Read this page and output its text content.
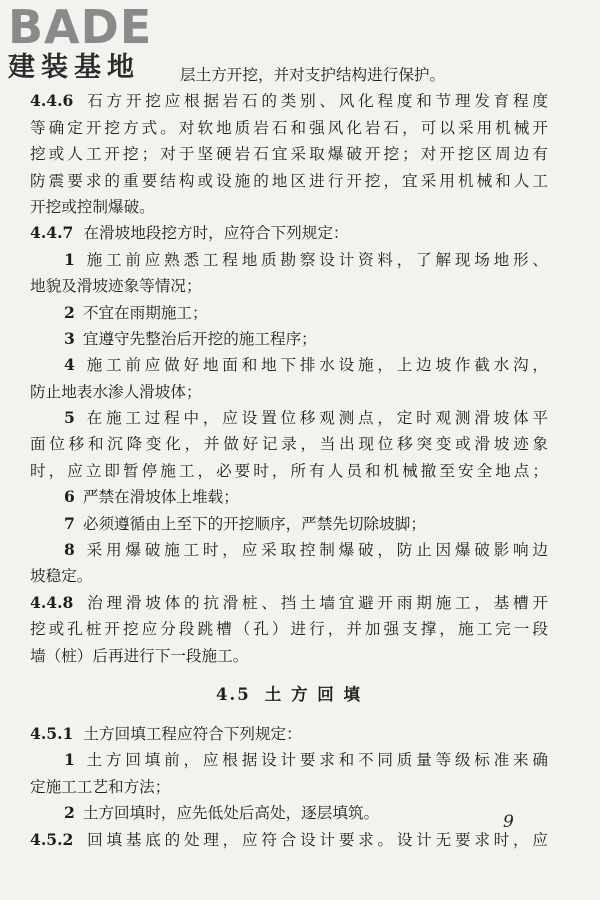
BADE
建装基地	层土方开挖，并对支护结构进行保护。
4.4.6 石方开挖应根据岩石的类别、风化程度和节理发育程度
等确定开挖方式。对软地质岩石和强风化岩石，可以采用机械开
挖或人工开挖；对于坚硬岩石宜采取爆破开挖；对开挖区周边有
防震要求的重要结构或设施的地区进行开挖，宜采用机械和人工
开挖或控制爆破。
4.4.7 在滑坡地段挖方时，应符合下列规定：
1 施工前应熟悉工程地质勘察设计资料，了解现场地形、
地貌及滑坡迹象等情况；
2 不宜在雨期施工；
3 宜遵守先整治后开挖的施工程序；
4 施工前应做好地面和地下排水设施，上边坡作截水沟，
防止地表水渗人滑坡体；
5 在施工过程中，应设置位移观测点，定时观测滑坡体平
面位移和沉降变化，并做好记录，当出现位移突变或滑坡迹象
时，应立即暂停施工，必要时，所有人员和机械撤至安全地点；
6 严禁在滑坡体上堆载；
7 必须遵循由上至下的开挖顺序，严禁先切除坡脚；
8 采用爆破施工时，应采取控制爆破，防止因爆破影响边
坡稳定。
4.4.8 治理滑坡体的抗滑桩、挡土墙宜避开雨期施工，基槽开
挖或孔桩开挖应分段跳槽（孔）进行，并加强支撑，施工完一段
墙（桩）后再进行下一段施工。
4.5 土 方 回 填
4.5.1 土方回填工程应符合下列规定：
1 土方回填前，应根据设计要求和不同质量等级标准来确
定施工工艺和方法；
2 土方回填时，应先低处后高处，逐层填筑。
4.5.2 回填基底的处理，应符合设计要求。设计无要求时，应
9
